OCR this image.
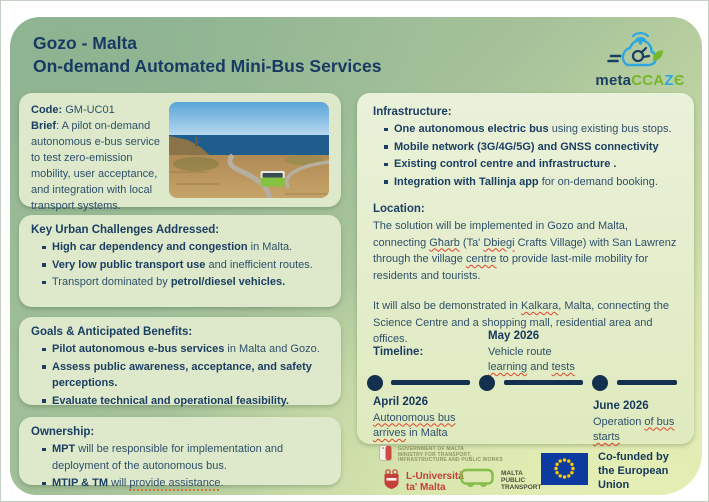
Gozo - Malta
On-demand Automated Mini-Bus Services
metaCCAZЄ
Code: GM-UC01
Brief: A pilot on-demand autonomous e-bus service to test zero-emission mobility, user acceptance, and integration with local transport systems.
Key Urban Challenges Addressed:
High car dependency and congestion in Malta.
Very low public transport use and inefficient routes.
Transport dominated by petrol/diesel vehicles.
Goals & Anticipated Benefits:
Pilot autonomous e-bus services in Malta and Gozo.
Assess public awareness, acceptance, and safety perceptions.
Evaluate technical and operational feasibility.
Ownership:
MPT will be responsible for implementation and deployment of the autonomous bus.
MTIP & TM will provide assistance.
Infrastructure:
One autonomous electric bus using existing bus stops.
Mobile network (3G/4G/5G) and GNSS connectivity
Existing control centre and infrastructure .
Integration with Tallinja app for on-demand booking.
Location:

The solution will be implemented in Gozo and Malta, connecting Għarb (Ta' Dbiegi Crafts Village) with San Lawrenz through the village centre to provide last-mile mobility for residents and tourists.

It will also be demonstrated in Kalkara, Malta, connecting the Science Centre and a shopping mall, residential area and offices.

Timeline:
May 2026
Vehicle route
learning and tests
April 2026
Autonomous bus
arrives in Malta
June 2026
Operation of bus
starts
GOVERNMENT OF MALTA
MINISTRY FOR TRANSPORT,
INFRASTRUCTURE AND PUBLIC WORKS
L-Università
ta' Malta
MALTA
PUBLIC
TRANSPORT
Co-funded by
the European Union
